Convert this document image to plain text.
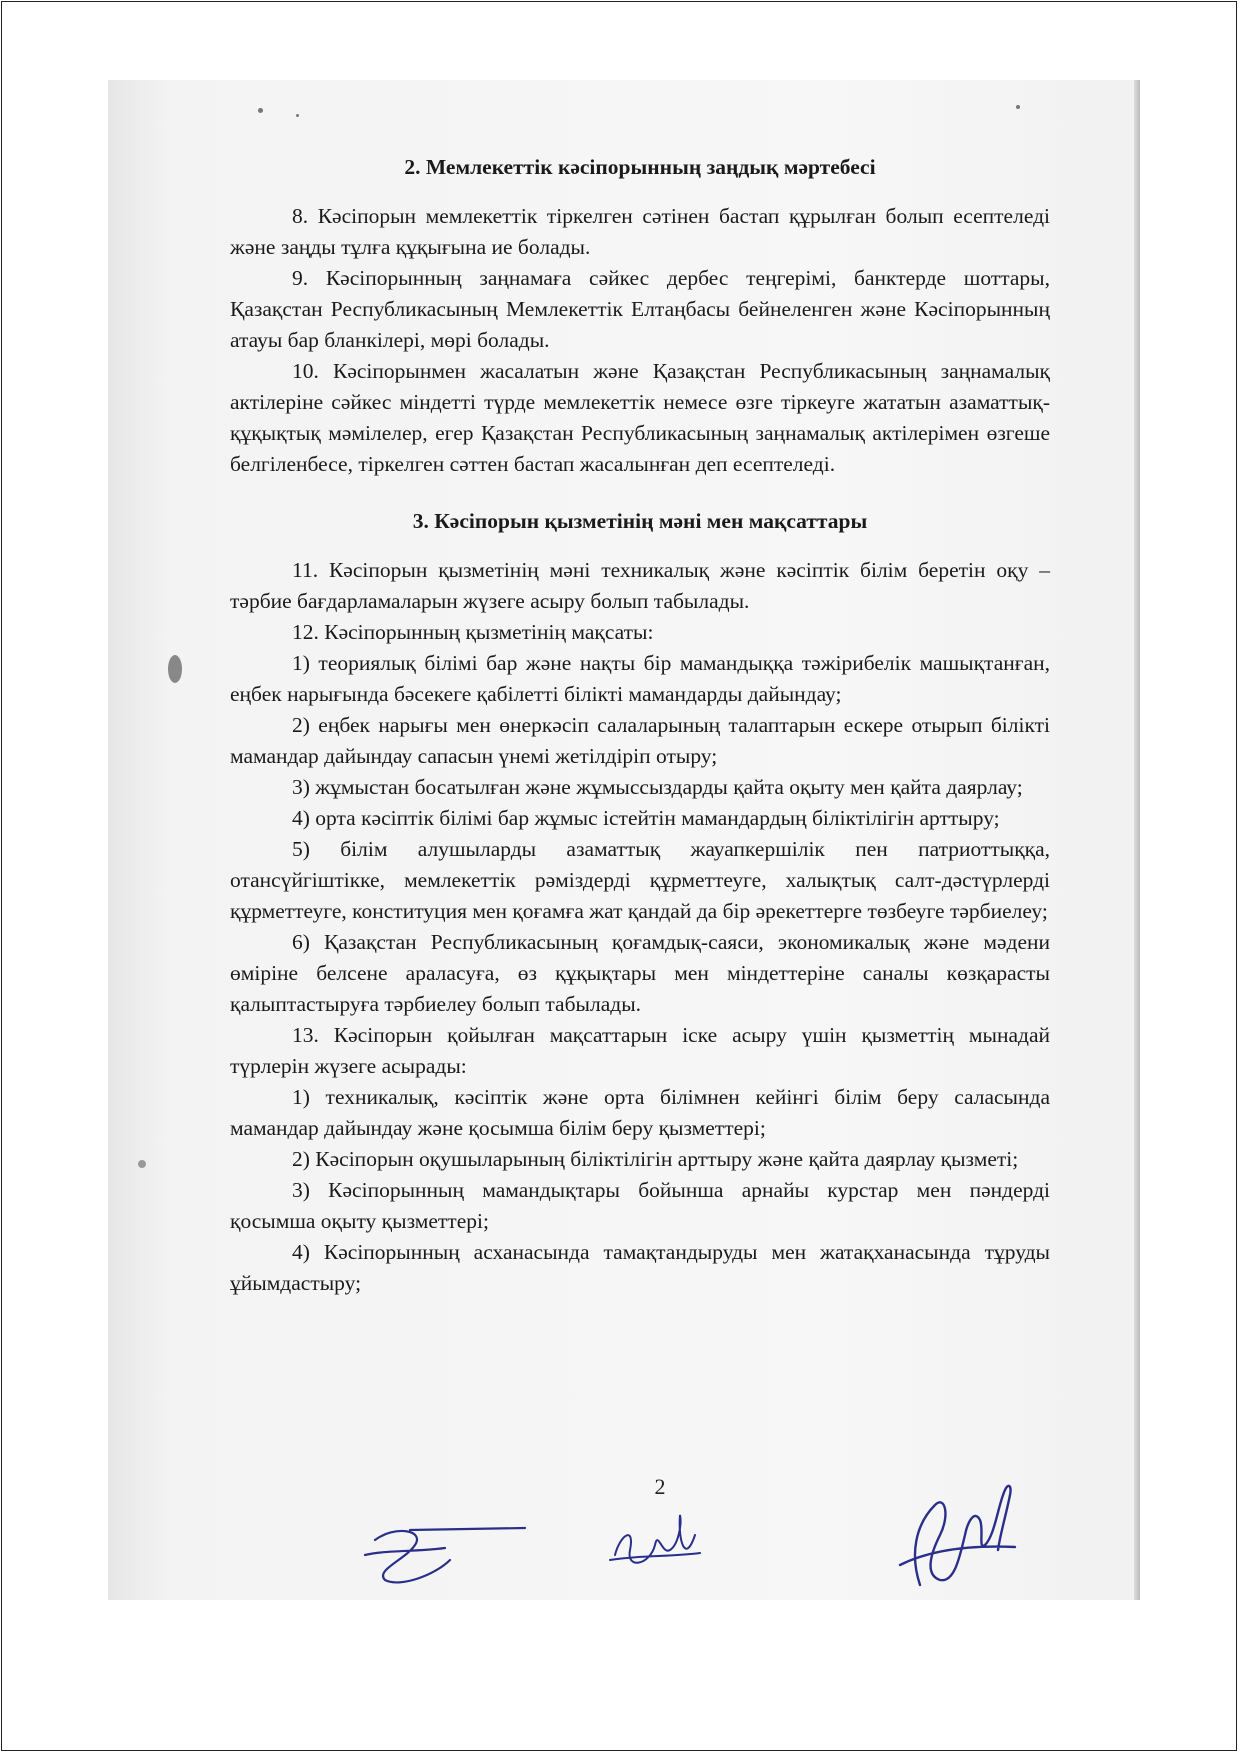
2. Мемлекеттік кәсіпорынның заңдық мәртебесі

8. Кәсіпорын мемлекеттік тіркелген сәтінен бастап құрылған болып есептеледі және заңды тұлға құқығына ие болады.

9. Кәсіпорынның заңнамаға сәйкес дербес теңгерімі, банктерде шоттары, Қазақстан Республикасының Мемлекеттік Елтаңбасы бейнеленген және Кәсіпорынның атауы бар бланкілері, мөрі болады.

10. Кәсіпорынмен жасалатын және Қазақстан Республикасының заңнамалық актілеріне сәйкес міндетті түрде мемлекеттік немесе өзге тіркеуге жататын азаматтық-құқықтық мәмілелер, егер Қазақстан Республикасының заңнамалық актілерімен өзгеше белгіленбесе, тіркелген сәттен бастап жасалынған деп есептеледі.

3. Кәсіпорын қызметінің мәні мен мақсаттары

11. Кәсіпорын қызметінің мәні техникалық және кәсіптік білім беретін оқу – тәрбие бағдарламаларын жүзеге асыру болып табылады.

12. Кәсіпорынның қызметінің мақсаты:

1) теориялық білімі бар және нақты бір мамандыққа тәжірибелік машықтанған, еңбек нарығында бәсекеге қабілетті білікті мамандарды дайындау;

2) еңбек нарығы мен өнеркәсіп салаларының талаптарын ескере отырып білікті мамандар дайындау сапасын үнемі жетілдіріп отыру;

3) жұмыстан босатылған және жұмыссыздарды қайта оқыту мен қайта даярлау;

4) орта кәсіптік білімі бар жұмыс істейтін мамандардың біліктілігін арттыру;

5) білім алушыларды азаматтық жауапкершілік пен патриоттыққа, отансүйгіштікке, мемлекеттік рәміздерді құрметтеуге, халықтық салт-дәстүрлерді құрметтеуге, конституция мен қоғамға жат қандай да бір әрекеттерге төзбеуге тәрбиелеу;

6) Қазақстан Республикасының қоғамдық-саяси, экономикалық және мәдени өміріне белсене араласуға, өз құқықтары мен міндеттеріне саналы көзқарасты қалыптастыруға тәрбиелеу болып табылады.

13. Кәсіпорын қойылған мақсаттарын іске асыру үшін қызметтің мынадай түрлерін жүзеге асырады:

1) техникалық, кәсіптік және орта білімнен кейінгі білім беру саласында мамандар дайындау және қосымша білім беру қызметтері;

2) Кәсіпорын оқушыларының біліктілігін арттыру және қайта даярлау қызметі;

3) Кәсіпорынның мамандықтары бойынша арнайы курстар мен пәндерді қосымша оқыту қызметтері;

4) Кәсіпорынның асханасында тамақтандыруды мен жатақханасында тұруды ұйымдастыру;

2
